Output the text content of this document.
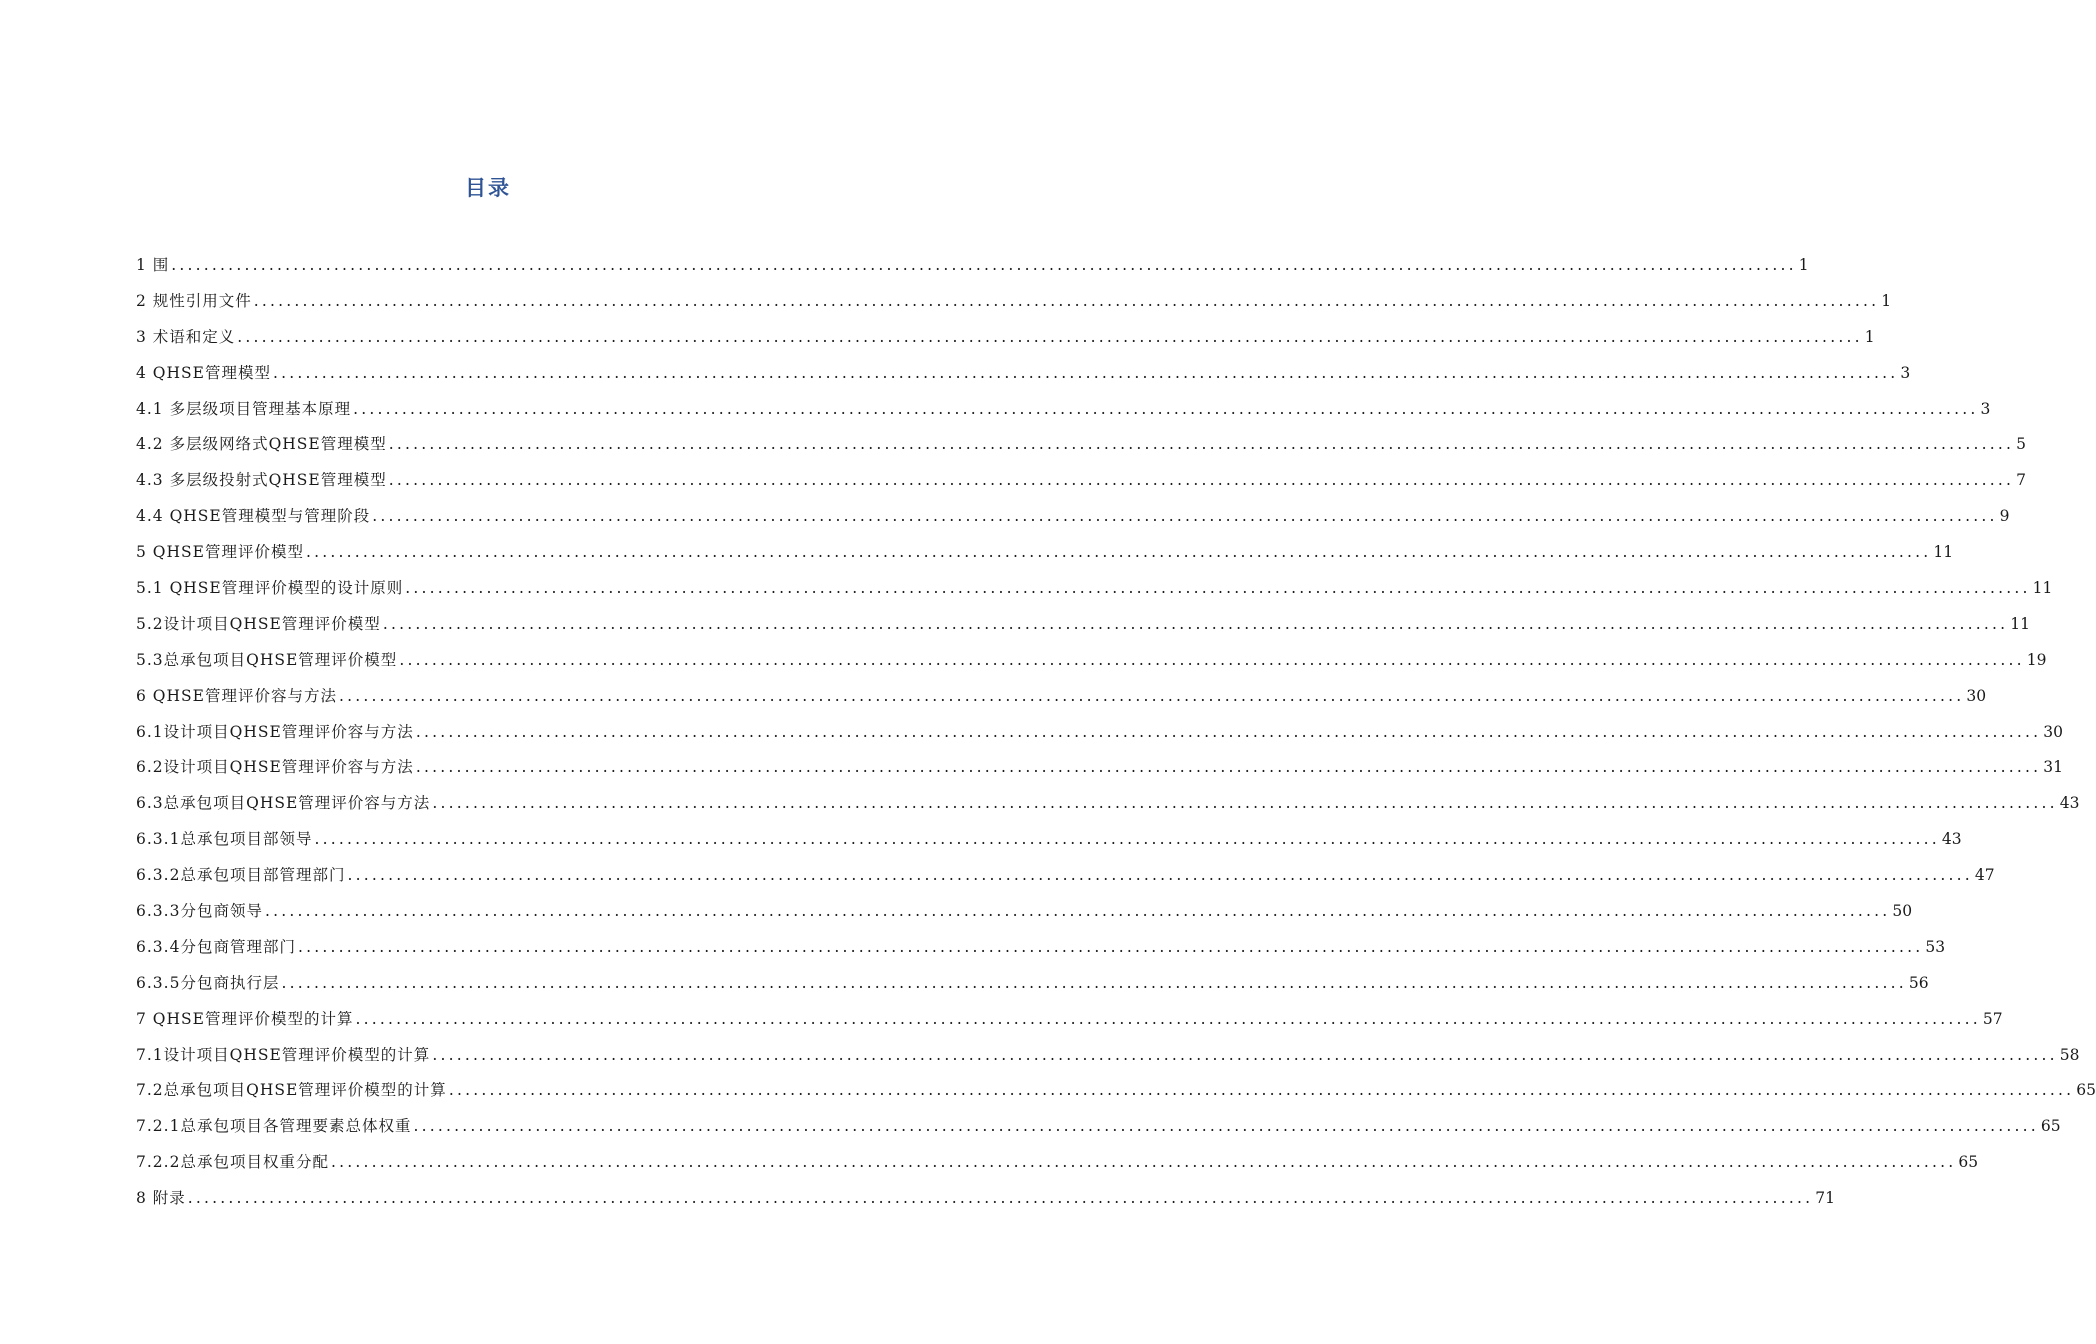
目录
1 围 ........................................................................................................................................................................................................ 1
2 规性引用文件 ........................................................................................................................................................................................................ 1
3 术语和定义 ........................................................................................................................................................................................................ 1
4 QHSE管理模型 ........................................................................................................................................................................................................ 3
4.1 多层级项目管理基本原理 ........................................................................................................................................................................................................ 3
4.2 多层级网络式QHSE管理模型 ........................................................................................................................................................................................................ 5
4.3 多层级投射式QHSE管理模型 ........................................................................................................................................................................................................ 7
4.4 QHSE管理模型与管理阶段 ........................................................................................................................................................................................................ 9
5 QHSE管理评价模型 ........................................................................................................................................................................................................ 11
5.1 QHSE管理评价模型的设计原则 ........................................................................................................................................................................................................ 11
5.2设计项目QHSE管理评价模型 ........................................................................................................................................................................................................ 11
5.3总承包项目QHSE管理评价模型 ........................................................................................................................................................................................................ 19
6 QHSE管理评价容与方法 ........................................................................................................................................................................................................ 30
6.1设计项目QHSE管理评价容与方法 ........................................................................................................................................................................................................ 30
6.2设计项目QHSE管理评价容与方法 ........................................................................................................................................................................................................ 31
6.3总承包项目QHSE管理评价容与方法 ........................................................................................................................................................................................................ 43
6.3.1总承包项目部领导 ........................................................................................................................................................................................................ 43
6.3.2总承包项目部管理部门 ........................................................................................................................................................................................................ 47
6.3.3分包商领导 ........................................................................................................................................................................................................ 50
6.3.4分包商管理部门 ........................................................................................................................................................................................................ 53
6.3.5分包商执行层 ........................................................................................................................................................................................................ 56
7 QHSE管理评价模型的计算 ........................................................................................................................................................................................................ 57
7.1设计项目QHSE管理评价模型的计算 ........................................................................................................................................................................................................ 58
7.2总承包项目QHSE管理评价模型的计算 ........................................................................................................................................................................................................ 65
7.2.1总承包项目各管理要素总体权重 ........................................................................................................................................................................................................ 65
7.2.2总承包项目权重分配 ........................................................................................................................................................................................................ 65
8 附录 ........................................................................................................................................................................................................ 71
